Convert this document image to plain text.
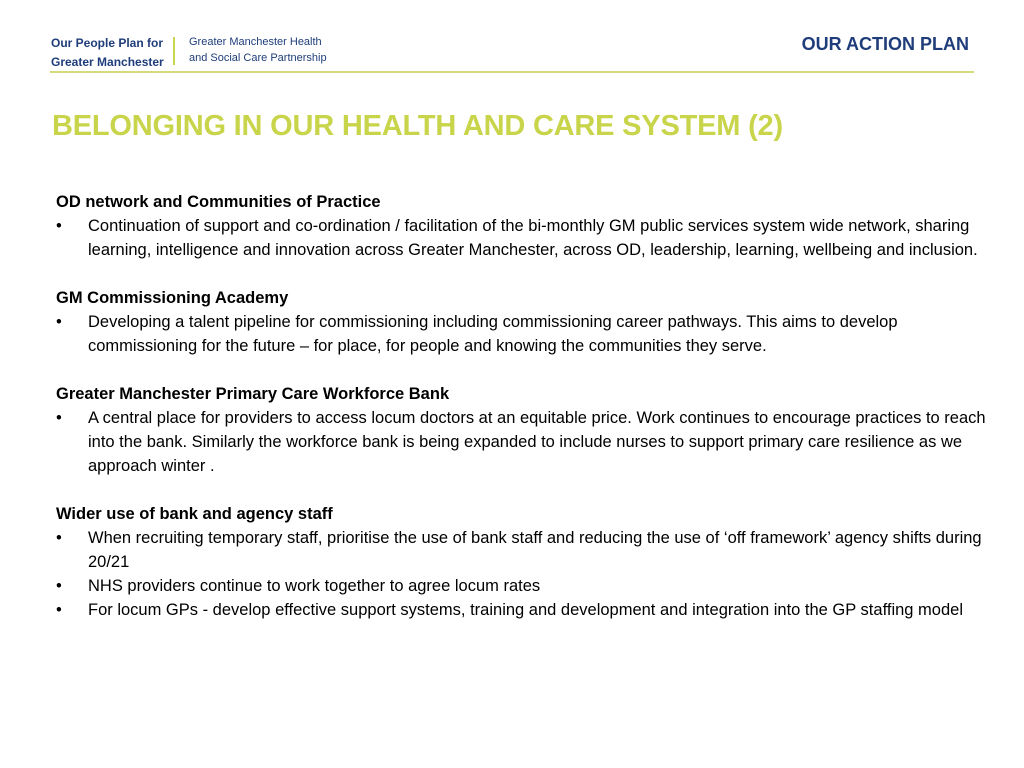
Our People Plan for
Greater Manchester
Greater Manchester Health
and Social Care Partnership
OUR ACTION PLAN
BELONGING IN OUR HEALTH AND CARE SYSTEM (2)
OD network and Communities of Practice
• Continuation of support and co-ordination / facilitation of the bi-monthly GM public services system wide network, sharing learning, intelligence and innovation across Greater Manchester, across OD, leadership, learning, wellbeing and inclusion.
GM Commissioning Academy
• Developing a talent pipeline for commissioning including commissioning career pathways. This aims to develop commissioning for the future – for place, for people and knowing the communities they serve.
Greater Manchester Primary Care Workforce Bank
• A central place for providers to access locum doctors at an equitable price. Work continues to encourage practices to reach into the bank. Similarly the workforce bank is being expanded to include nurses to support primary care resilience as we approach winter .
Wider use of bank and agency staff
• When recruiting temporary staff, prioritise the use of bank staff and reducing the use of ‘off framework’ agency shifts during 20/21
• NHS providers continue to work together to agree locum rates
• For locum GPs - develop effective support systems, training and development and integration into the GP staffing model
